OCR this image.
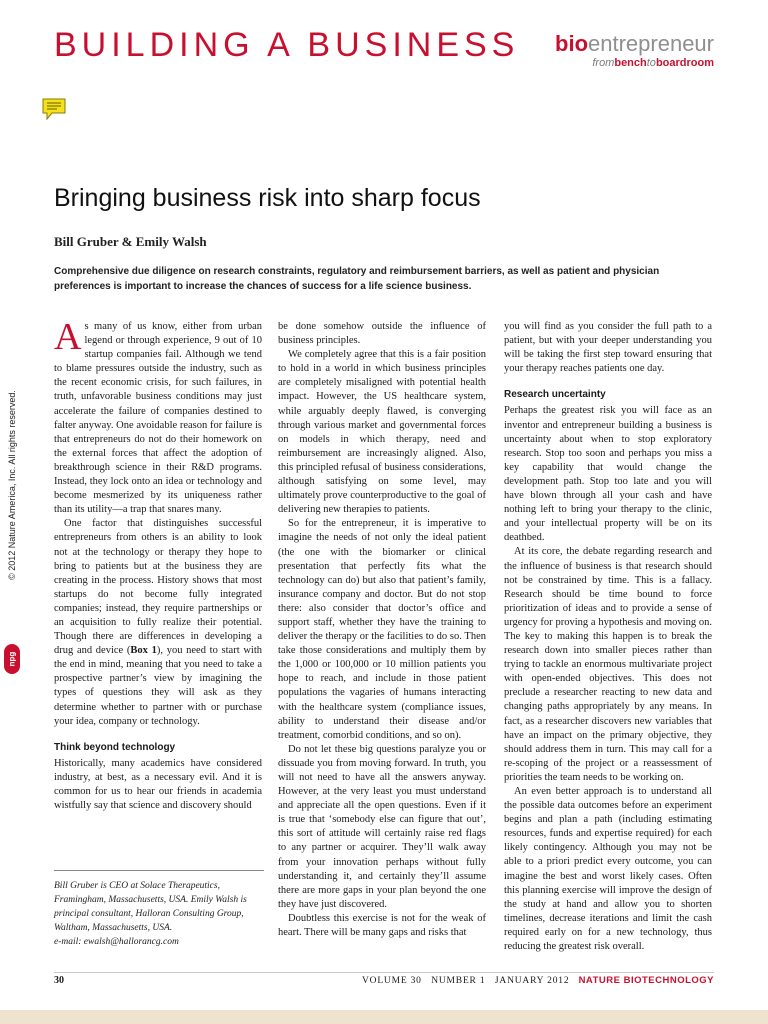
BUILDING A BUSINESS bioentrepreneur
frombenchtoboardroom
Bringing business risk into sharp focus
Bill Gruber & Emily Walsh
Comprehensive due diligence on research constraints, regulatory and reimbursement barriers, as well as patient and physician preferences is important to increase the chances of success for a life science business.

As many of us know, either from urban legend or through experience, 9 out of 10 startup companies fail. Although we tend to blame pressures outside the industry, such as the recent economic crisis, for such failures, in truth, unfavorable business conditions may just accelerate the failure of companies destined to falter anyway. One avoidable reason for failure is that entrepreneurs do not do their homework on the external forces that affect the adoption of breakthrough science in their R&D programs. Instead, they lock onto an idea or technology and become mesmerized by its uniqueness rather than its utility—a trap that snares many.

One factor that distinguishes successful entrepreneurs from others is an ability to look not at the technology or therapy they hope to bring to patients but at the business they are creating in the process. History shows that most startups do not become fully integrated companies; instead, they require partnerships or an acquisition to fully realize their potential. Though there are differences in developing a drug and device (Box 1), you need to start with the end in mind, meaning that you need to take a prospective partner’s view by imagining the types of questions they will ask as they determine whether to partner with or purchase your idea, company or technology.

Think beyond technology

Historically, many academics have considered industry, at best, as a necessary evil. And it is common for us to hear our friends in academia wistfully say that science and discovery should

be done somehow outside the influence of business principles.

We completely agree that this is a fair position to hold in a world in which business principles are completely misaligned with potential health impact. However, the US healthcare system, while arguably deeply flawed, is converging through various market and governmental forces on models in which therapy, need and reimbursement are increasingly aligned. Also, this principled refusal of business considerations, although satisfying on some level, may ultimately prove counterproductive to the goal of delivering new therapies to patients.

So for the entrepreneur, it is imperative to imagine the needs of not only the ideal patient (the one with the biomarker or clinical presentation that perfectly fits what the technology can do) but also that patient’s family, insurance company and doctor. But do not stop there: also consider that doctor’s office and support staff, whether they have the training to deliver the therapy or the facilities to do so. Then take those considerations and multiply them by the 1,000 or 100,000 or 10 million patients you hope to reach, and include in those patient populations the vagaries of humans interacting with the healthcare system (compliance issues, ability to understand their disease and/or treatment, comorbid conditions, and so on).

Do not let these big questions paralyze you or dissuade you from moving forward. In truth, you will not need to have all the answers anyway. However, at the very least you must understand and appreciate all the open questions. Even if it is true that ‘somebody else can figure that out’, this sort of attitude will certainly raise red flags to any partner or acquirer. They’ll walk away from your innovation perhaps without fully understanding it, and certainly they’ll assume there are more gaps in your plan beyond the one they have just discovered.

Doubtless this exercise is not for the weak of heart. There will be many gaps and risks that

you will find as you consider the full path to a patient, but with your deeper understanding you will be taking the first step toward ensuring that your therapy reaches patients one day.

Research uncertainty

Perhaps the greatest risk you will face as an inventor and entrepreneur building a business is uncertainty about when to stop exploratory research. Stop too soon and perhaps you miss a key capability that would change the development path. Stop too late and you will have blown through all your cash and have nothing left to bring your therapy to the clinic, and your intellectual property will be on its deathbed.

At its core, the debate regarding research and the influence of business is that research should not be constrained by time. This is a fallacy. Research should be time bound to force prioritization of ideas and to provide a sense of urgency for proving a hypothesis and moving on. The key to making this happen is to break the research down into smaller pieces rather than trying to tackle an enormous multivariate project with open-ended objectives. This does not preclude a researcher reacting to new data and changing paths appropriately by any means. In fact, as a researcher discovers new variables that have an impact on the primary objective, they should address them in turn. This may call for a re-scoping of the project or a reassessment of priorities the team needs to be working on.

An even better approach is to understand all the possible data outcomes before an experiment begins and plan a path (including estimating resources, funds and expertise required) for each likely contingency. Although you may not be able to a priori predict every outcome, you can imagine the best and worst likely cases. Often this planning exercise will improve the design of the study at hand and allow you to shorten timelines, decrease iterations and limit the cash required early on for a new technology, thus reducing the greatest risk overall.

Bill Gruber is CEO at Solace Therapeutics, Framingham, Massachusetts, USA. Emily Walsh is principal consultant, Halloran Consulting Group, Waltham, Massachusetts, USA.
e-mail: ewalsh@hallorancg.com
© 2012 Nature America, Inc. All rights reserved.
npg
30	VOLUME 30   NUMBER 1   JANUARY 2012 NATURE BIOTECHNOLOGY
